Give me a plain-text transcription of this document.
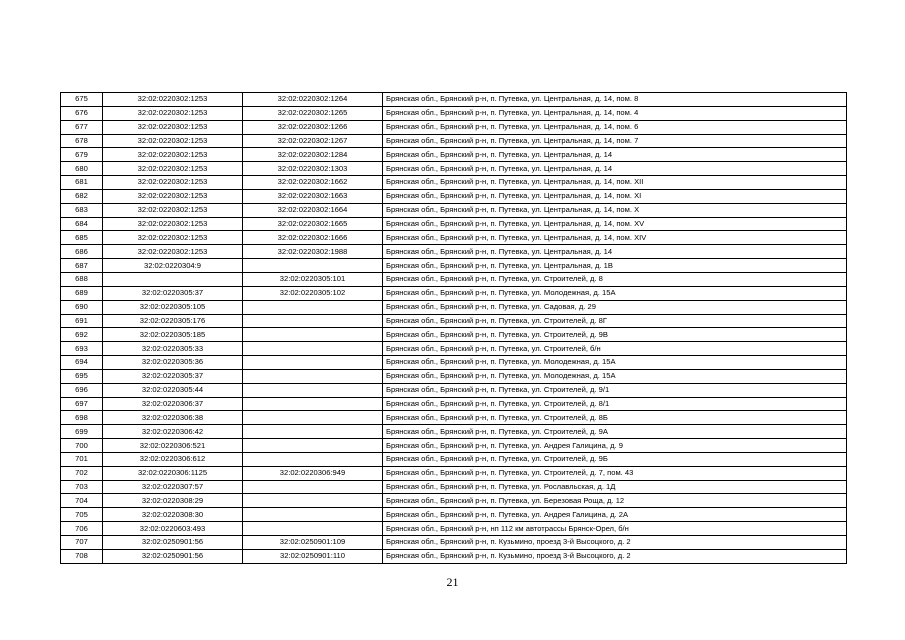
675	32:02:0220302:1253	32:02:0220302:1264	Брянская обл., Брянский р-н, п. Путевка, ул. Центральная, д. 14, пом. 8
676	32:02:0220302:1253	32:02:0220302:1265	Брянская обл., Брянский р-н, п. Путевка, ул. Центральная, д. 14, пом. 4
677	32:02:0220302:1253	32:02:0220302:1266	Брянская обл., Брянский р-н, п. Путевка, ул. Центральная, д. 14, пом. 6
678	32:02:0220302:1253	32:02:0220302:1267	Брянская обл., Брянский р-н, п. Путевка, ул. Центральная, д. 14, пом. 7
679	32:02:0220302:1253	32:02:0220302:1284	Брянская обл., Брянский р-н, п. Путевка, ул. Центральная, д. 14
680	32:02:0220302:1253	32:02:0220302:1303	Брянская обл., Брянский р-н, п. Путевка, ул. Центральная, д. 14
681	32:02:0220302:1253	32:02:0220302:1662	Брянская обл., Брянский р-н, п. Путевка, ул. Центральная, д. 14, пом. XII
682	32:02:0220302:1253	32:02:0220302:1663	Брянская обл., Брянский р-н, п. Путевка, ул. Центральная, д. 14, пом. XI
683	32:02:0220302:1253	32:02:0220302:1664	Брянская обл., Брянский р-н, п. Путевка, ул. Центральная, д. 14, пом. X
684	32:02:0220302:1253	32:02:0220302:1665	Брянская обл., Брянский р-н, п. Путевка, ул. Центральная, д. 14, пом. XV
685	32:02:0220302:1253	32:02:0220302:1666	Брянская обл., Брянский р-н, п. Путевка, ул. Центральная, д. 14, пом. XIV
686	32:02:0220302:1253	32:02:0220302:1988	Брянская обл., Брянский р-н, п. Путевка, ул. Центральная, д. 14
687	32:02:0220304:9		Брянская обл., Брянский р-н, п. Путевка, ул. Центральная, д. 1В
688		32:02:0220305:101	Брянская обл., Брянский р-н, п. Путевка, ул. Строителей, д. 8
689	32:02:0220305:37	32:02:0220305:102	Брянская обл., Брянский р-н, п. Путевка, ул. Молодежная, д. 15А
690	32:02:0220305:105		Брянская обл., Брянский р-н, п. Путевка, ул. Садовая, д. 29
691	32:02:0220305:176		Брянская обл., Брянский р-н, п. Путевка, ул. Строителей, д. 8Г
692	32:02:0220305:185		Брянская обл., Брянский р-н, п. Путевка, ул. Строителей, д. 9В
693	32:02:0220305:33		Брянская обл., Брянский р-н, п. Путевка, ул. Строителей, б/н
694	32:02:0220305:36		Брянская обл., Брянский р-н, п. Путевка, ул. Молодежная, д. 15А
695	32:02:0220305:37		Брянская обл., Брянский р-н, п. Путевка, ул. Молодежная, д. 15А
696	32:02:0220305:44		Брянская обл., Брянский р-н, п. Путевка, ул. Строителей, д. 9/1
697	32:02:0220306:37		Брянская обл., Брянский р-н, п. Путевка, ул. Строителей, д. 8/1
698	32:02:0220306:38		Брянская обл., Брянский р-н, п. Путевка, ул. Строителей, д. 8Б
699	32:02:0220306:42		Брянская обл., Брянский р-н, п. Путевка, ул. Строителей, д. 9А
700	32:02:0220306:521		Брянская обл., Брянский р-н, п. Путевка, ул. Андрея Галицина, д. 9
701	32:02:0220306:612		Брянская обл., Брянский р-н, п. Путевка, ул. Строителей, д. 9Б
702	32:02:0220306:1125	32:02:0220306:949	Брянская обл., Брянский р-н, п. Путевка, ул. Строителей, д. 7, пом. 43
703	32:02:0220307:57		Брянская обл., Брянский р-н, п. Путевка, ул. Рославльская, д. 1Д
704	32:02:0220308:29		Брянская обл., Брянский р-н, п. Путевка, ул. Березовая Роща, д. 12
705	32:02:0220308:30		Брянская обл., Брянский р-н, п. Путевка, ул. Андрея Галицина, д. 2А
706	32:02:0220603:493		Брянская обл., Брянский р-н, нп 112 км автотрассы Брянск-Орел, б/н
707	32:02:0250901:56	32:02:0250901:109	Брянская обл., Брянский р-н, п. Кузьмино, проезд 3-й Высоцкого, д. 2
708	32:02:0250901:56	32:02:0250901:110	Брянская обл., Брянский р-н, п. Кузьмино, проезд 3-й Высоцкого, д. 2
21
